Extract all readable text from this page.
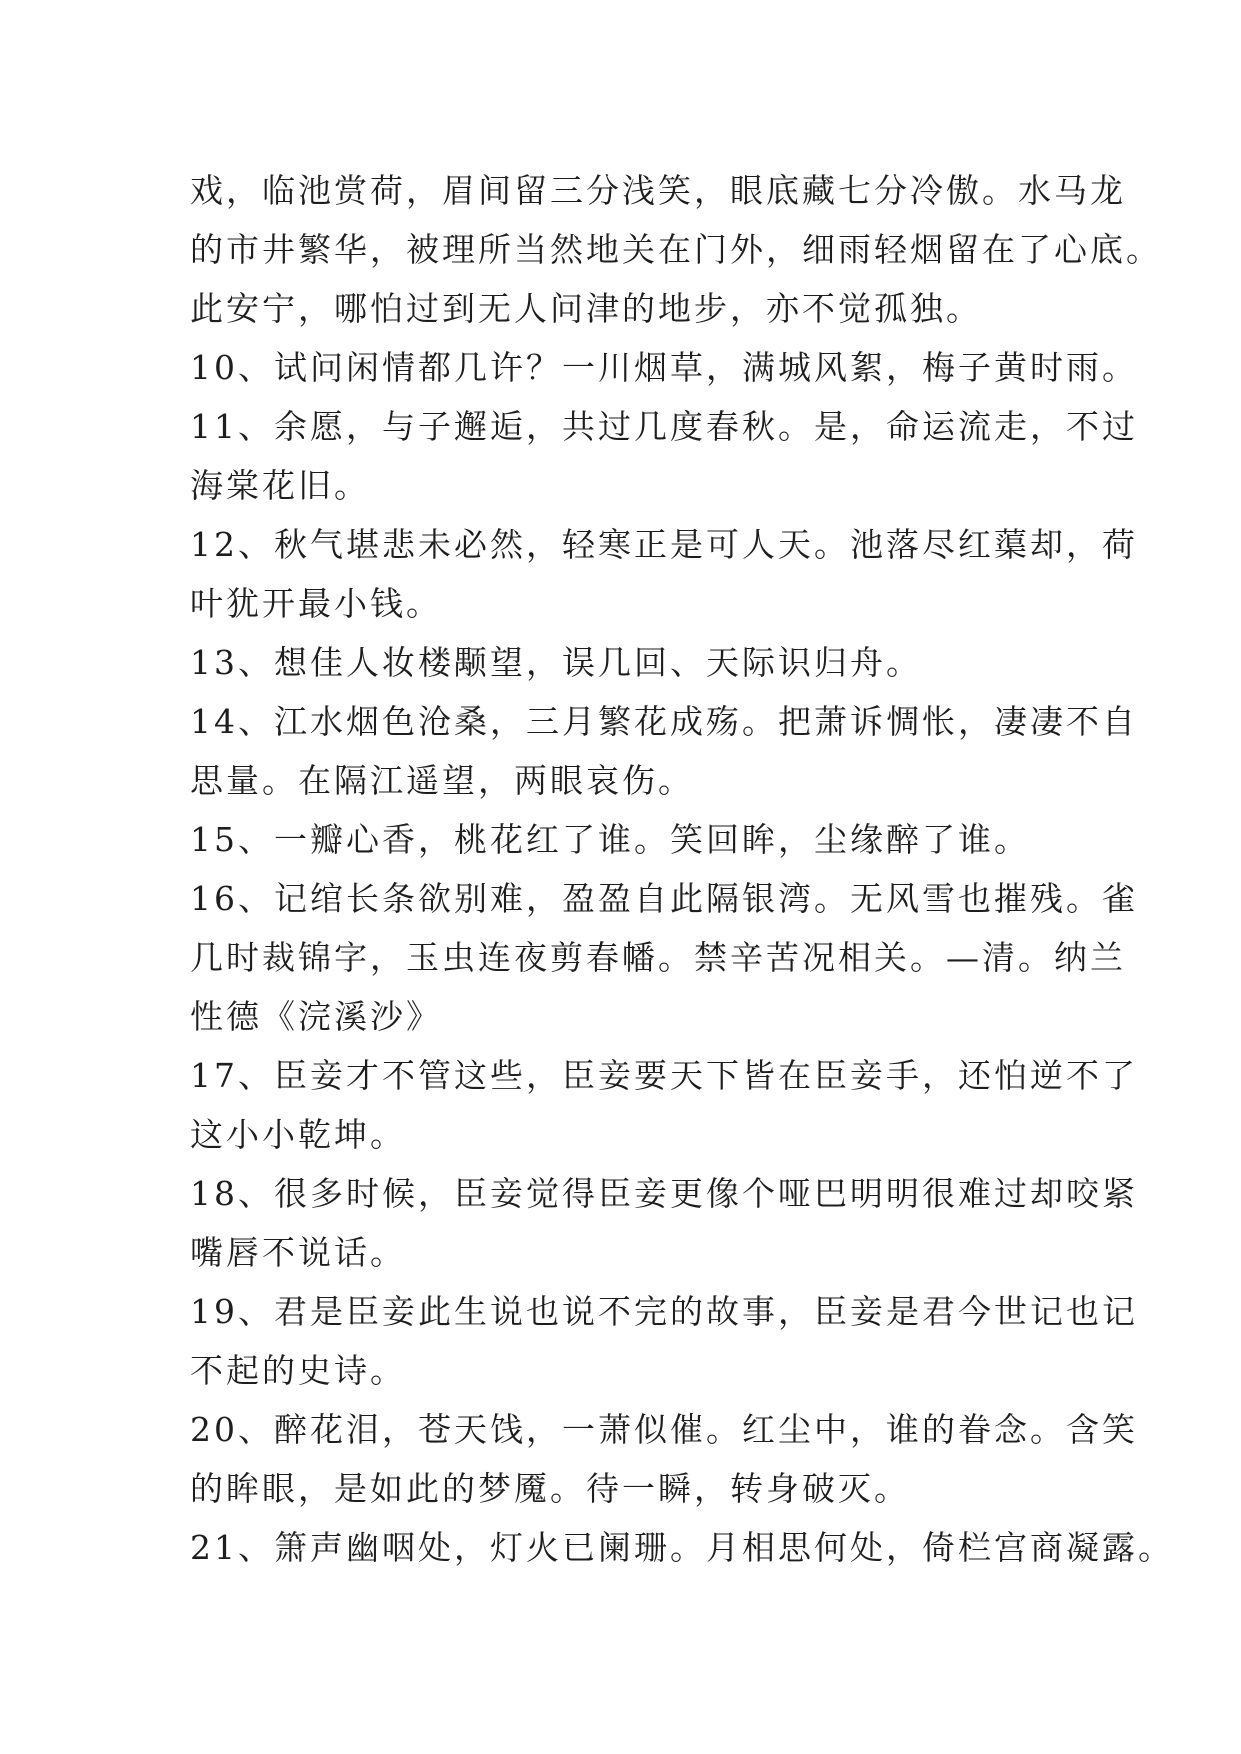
戏，临池赏荷，眉间留三分浅笑，眼底藏七分冷傲。水马龙
的市井繁华，被理所当然地关在门外，细雨轻烟留在了心底。
此安宁，哪怕过到无人问津的地步，亦不觉孤独。
10、试问闲情都几许？一川烟草，满城风絮，梅子黄时雨。
11、余愿，与子邂逅，共过几度春秋。是，命运流走，不过
海棠花旧。
12、秋气堪悲未必然，轻寒正是可人天。池落尽红蕖却，荷
叶犹开最小钱。
13、想佳人妆楼颙望，误几回、天际识归舟。
14、江水烟色沧桑，三月繁花成殇。把萧诉惆怅，凄凄不自
思量。在隔江遥望，两眼哀伤。
15、一瓣心香，桃花红了谁。笑回眸，尘缘醉了谁。
16、记绾长条欲别难，盈盈自此隔银湾。无风雪也摧残。雀
几时裁锦字，玉虫连夜剪春幡。禁辛苦况相关。—清。纳兰
性德《浣溪沙》
17、臣妾才不管这些，臣妾要天下皆在臣妾手，还怕逆不了
这小小乾坤。
18、很多时候，臣妾觉得臣妾更像个哑巴明明很难过却咬紧
嘴唇不说话。
19、君是臣妾此生说也说不完的故事，臣妾是君今世记也记
不起的史诗。
20、醉花泪，苍天饯，一萧似催。红尘中，谁的眷念。含笑
的眸眼，是如此的梦魇。待一瞬，转身破灭。
21、箫声幽咽处，灯火已阑珊。月相思何处，倚栏宫商凝露。
